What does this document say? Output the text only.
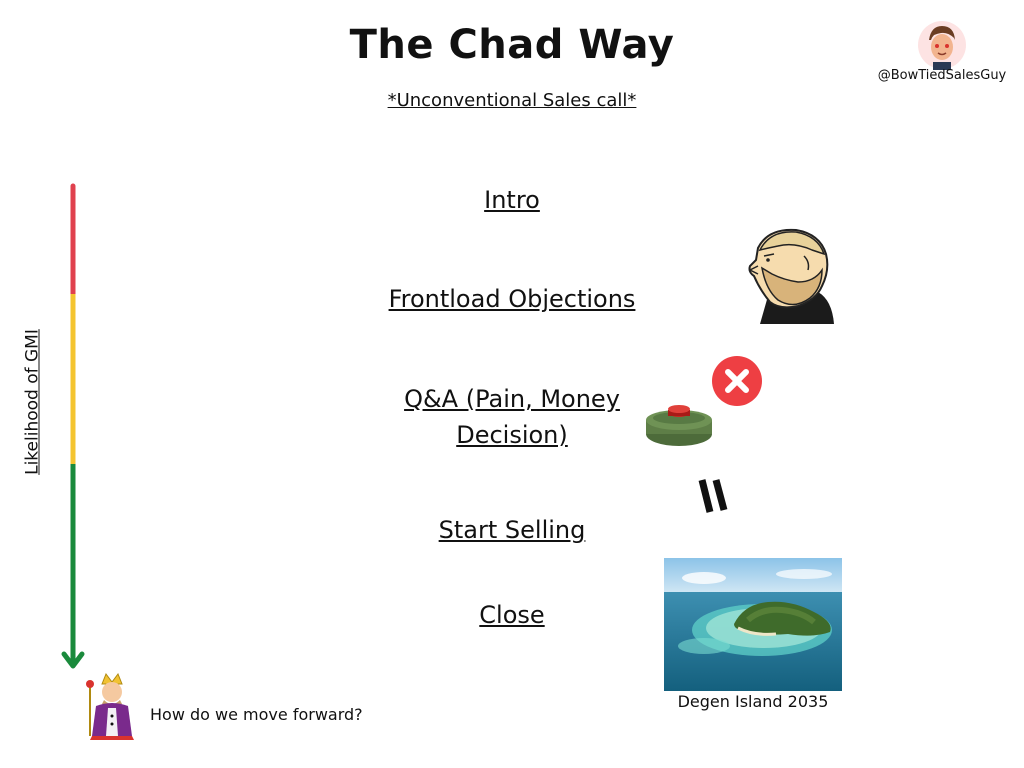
The Chad Way
*Unconventional Sales call*
@BowTiedSalesGuy
Likelihood of GMI
Intro
Frontload Objections
Q&A (Pain, Money
Decision)
Start Selling
Close
Degen Island 2035
How do we move forward?
